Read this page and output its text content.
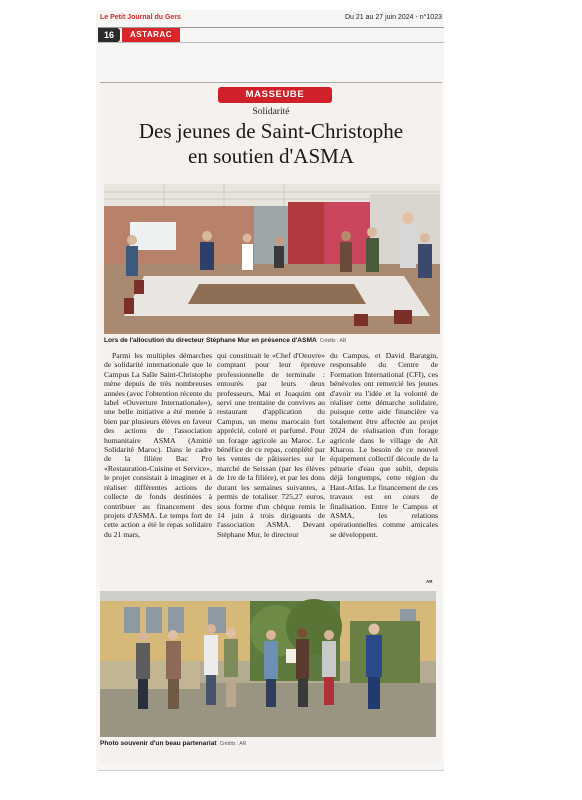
Le Petit Journal du Gers	Du 21 au 27 juin 2024 - n°1023
16	ASTARAC
MASSEUBE
Solidarité
Des jeunes de Saint-Christophe
en soutien d'ASMA
Lors de l'allocution du directeur Stéphane Mur en présence d'ASMA Crédits : AR

Parmi les multiples démarches de solidarité internationale que le Campus La Salle Saint-Christophe mène depuis de très nombreuses années (avec l'obtention récente du label «Ouverture Internationale»), une belle initiative a été menée à bien par plusieurs élèves en faveur des actions de l'association humanitaire ASMA (Amitié Solidarité Maroc). Dans le cadre de la filière Bac Pro «Restauration-Cuisine et Service», le projet consistait à imaginer et à réaliser différentes actions de collecte de fonds destinées à contribuer au financement des projets d'ASMA. Le temps fort de cette action a été le repas solidaire du 21 mars,

qui constituait le «Chef d'Oeuvre» comptant pour leur épreuve professionnelle de terminale : entourés par leurs deux professeurs, Mai et Joaquim ont servi une trentaine de convives au restaurant d'application du Campus, un menu marocain fort apprécié, coloré et parfumé. Pour un forage agricole au Maroc. Le bénéfice de ce repas, complété par les ventes de pâtisseries sur le marché de Seissan (par les élèves de 1re de la filière), et par les dons durant les semaines suivantes, a permis de totaliser 725,27 euros, sous forme d'un chèque remis le 14 juin à trois dirigeants de l'association ASMA. Devant Stéphane Mur, le directeur

du Campus, et David Baratgin, responsable du Centre de Formation International (CFI), ces bénévoles ont remercié les jeunes d'avoir eu l'idée et la volonté de réaliser cette démarche solidaire, puisque cette aide financière va totalement être affectée au projet 2024 de réalisation d'un forage agricole dans le village de Aït Kharou. Le besoin de ce nouvel équipement collectif découle de la pénurie d'eau que subit, depuis déjà longtemps, cette région du Haut-Atlas. Le financement de ces travaux est en cours de finalisation. Entre le Campus et ASMA, les relations opérationnelles comme amicales se développent.

AR
Photo souvenir d'un beau partenariat Crédits : AR
